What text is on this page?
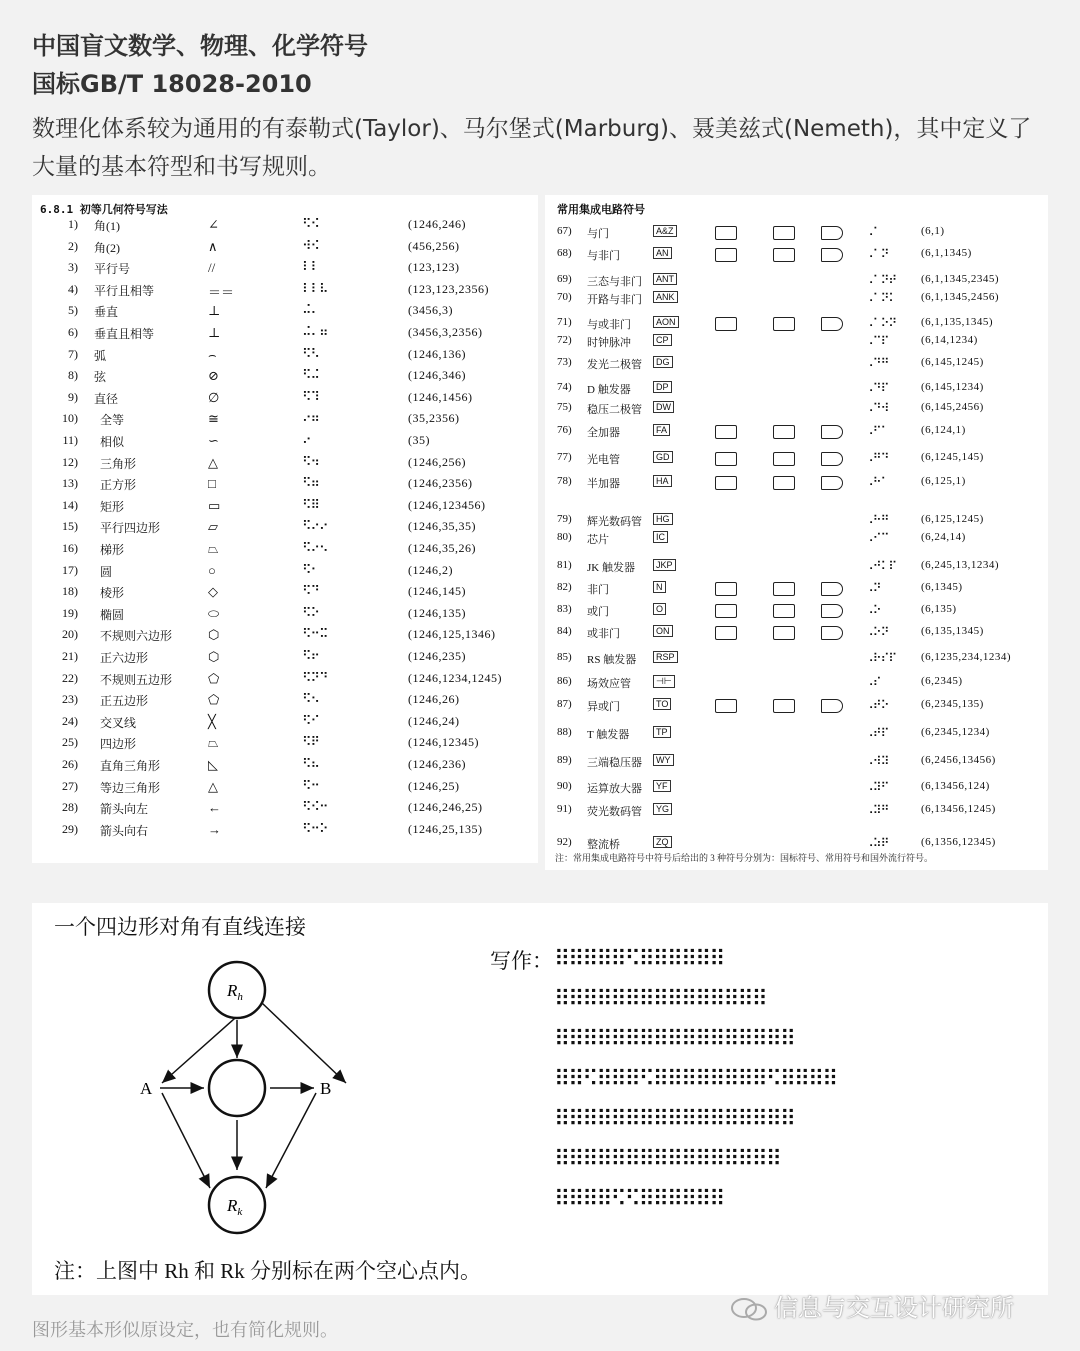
中国盲文数学、物理、化学符号
国标GB/T 18028-2010
数理化体系较为通用的有泰勒式(Taylor)、马尔堡式(Marburg)、聂美兹式(Nemeth)，其中定义了大量的基本符型和书写规则。
6.8.1 初等几何符号写法
1) 角(1)	∠	⠫⠪	(1246,246)
2) 角(2)	∧	⠺⠪	(456,256)
3) 平行号	//	⠇⠇	(123,123)
4) 平行且相等	＝＝	⠇⠇⠧	(123,123,2356)
5) 垂直	⊥	⠬⠄	(3456,3)
6) 垂直且相等	⊥	⠬⠄⠶	(3456,3,2356)
7) 弧	⌢	⠫⠣	(1246,136)
8) 弦	⊘	⠫⠬	(1246,346)
9) 直径	∅	⠫⠹	(1246,1456)
10) 全等	≅	⠔⠶	(35,2356)
11) 相似	∽	⠔	(35)
12) 三角形	△	⠫⠲	(1246,256)
13) 正方形	□	⠫⠶	(1246,2356)
14) 矩形	▭	⠫⠿	(1246,123456)
15) 平行四边形	▱	⠫⠔⠔	(1246,35,35)
16) 梯形	⏢	⠫⠔⠢	(1246,35,26)
17) 圆	○	⠫⠂	(1246,2)
18) 棱形	◇	⠫⠙	(1246,145)
19) 椭圆	⬭	⠫⠕	(1246,135)
20) 不规则六边形	⬡	⠫⠒⠭	(1246,125,1346)
21) 正六边形	⬡	⠫⠖	(1246,235)
22) 不规则五边形	⬠	⠫⠝⠙	(1246,1234,1245)
23) 正五边形	⬠	⠫⠢	(1246,26)
24) 交叉线	╳	⠫⠊	(1246,24)
25) 四边形	⏢	⠫⠟	(1246,12345)
26) 直角三角形	◺	⠫⠦	(1246,236)
27) 等边三角形	△	⠫⠒	(1246,25)
28) 箭头向左	←	⠫⠪⠒	(1246,246,25)
29) 箭头向右	→	⠫⠒⠕	(1246,25,135)
常用集成电路符号
67) 与门	A&Z	⠠⠁	(6,1)
68) 与非门	AN	⠠⠁⠝	(6,1,1345)
69) 三态与非门	ANT	⠠⠁⠝⠞ (6,1,1345,2345)
70) 开路与非门	ANK	⠠⠁⠝⠅ (6,1,1345,2456)
71) 与或非门	AON	⠠⠁⠕⠝ (6,1,135,1345)
72) 时钟脉冲	CP	⠠⠉⠏	(6,14,1234)
73) 发光二极管	DG	⠠⠙⠛	(6,145,1245)
74) D 触发器	DP	⠠⠙⠏	(6,145,1234)
75) 稳压二极管	DW	⠠⠙⠺	(6,145,2456)
76) 全加器	FA	⠠⠋⠁	(6,124,1)
77) 光电管	GD	⠠⠛⠙	(6,1245,145)
78) 半加器	HA	⠠⠓⠁	(6,125,1)
79) 辉光数码管	HG	⠠⠓⠛	(6,125,1245)
80) 芯片	IC	⠠⠊⠉	(6,24,14)
81) JK 触发器	JKP	⠠⠚⠅⠏ (6,245,13,1234)
82) 非门	N	⠠⠝	(6,1345)
83) 或门	O	⠠⠕	(6,135)
84) 或非门	ON	⠠⠕⠝	(6,135,1345)
85) RS 触发器	RSP	⠠⠗⠎⠏ (6,1235,234,1234)
86) 场效应管	⊣⊢	⠠⠎	(6,2345)
87) 异或门	TO	⠠⠞⠕	(6,2345,135)
88) T 触发器	TP	⠠⠞⠏	(6,2345,1234)
89) 三端稳压器	WY	⠠⠺⠽	(6,2456,13456)
90) 运算放大器	YF	⠠⠽⠋	(6,13456,124)
91) 荧光数码管	YG	⠠⠽⠛	(6,13456,1245)
92) 整流桥	ZQ	⠠⠵⠟	(6,1356,12345)
注：常用集成电路符号中符号后给出的 3 种符号分别为：国标符号、常用符号和国外流行符号。
一个四边形对角有直线连接
$R_h$
$R_k$
A	B
注：上图中 Rh 和 Rk 分别标在两个空心点内。
写作： ⠿⠿⠿⠿⠿⠫⠿⠿⠿⠿⠿⠿
⠿⠿⠿⠿⠿⠿⠿⠿⠿⠿⠿⠿⠿⠿⠿
⠿⠿⠿⠿⠿⠿⠿⠿⠿⠿⠿⠿⠿⠿⠿⠿⠿
⠿⠿⠫⠿⠿⠿⠫⠿⠿⠿⠿⠿⠿⠿⠿⠫⠿⠿⠿⠿
⠿⠿⠿⠿⠿⠿⠿⠿⠿⠿⠿⠿⠿⠿⠿⠿⠿
⠿⠿⠿⠿⠿⠿⠿⠿⠿⠿⠿⠿⠿⠿⠿⠿
⠿⠿⠿⠿⠫⠫⠿⠿⠿⠿⠿⠿
图形基本形似原设定，也有简化规则。
信息与交互设计研究所
